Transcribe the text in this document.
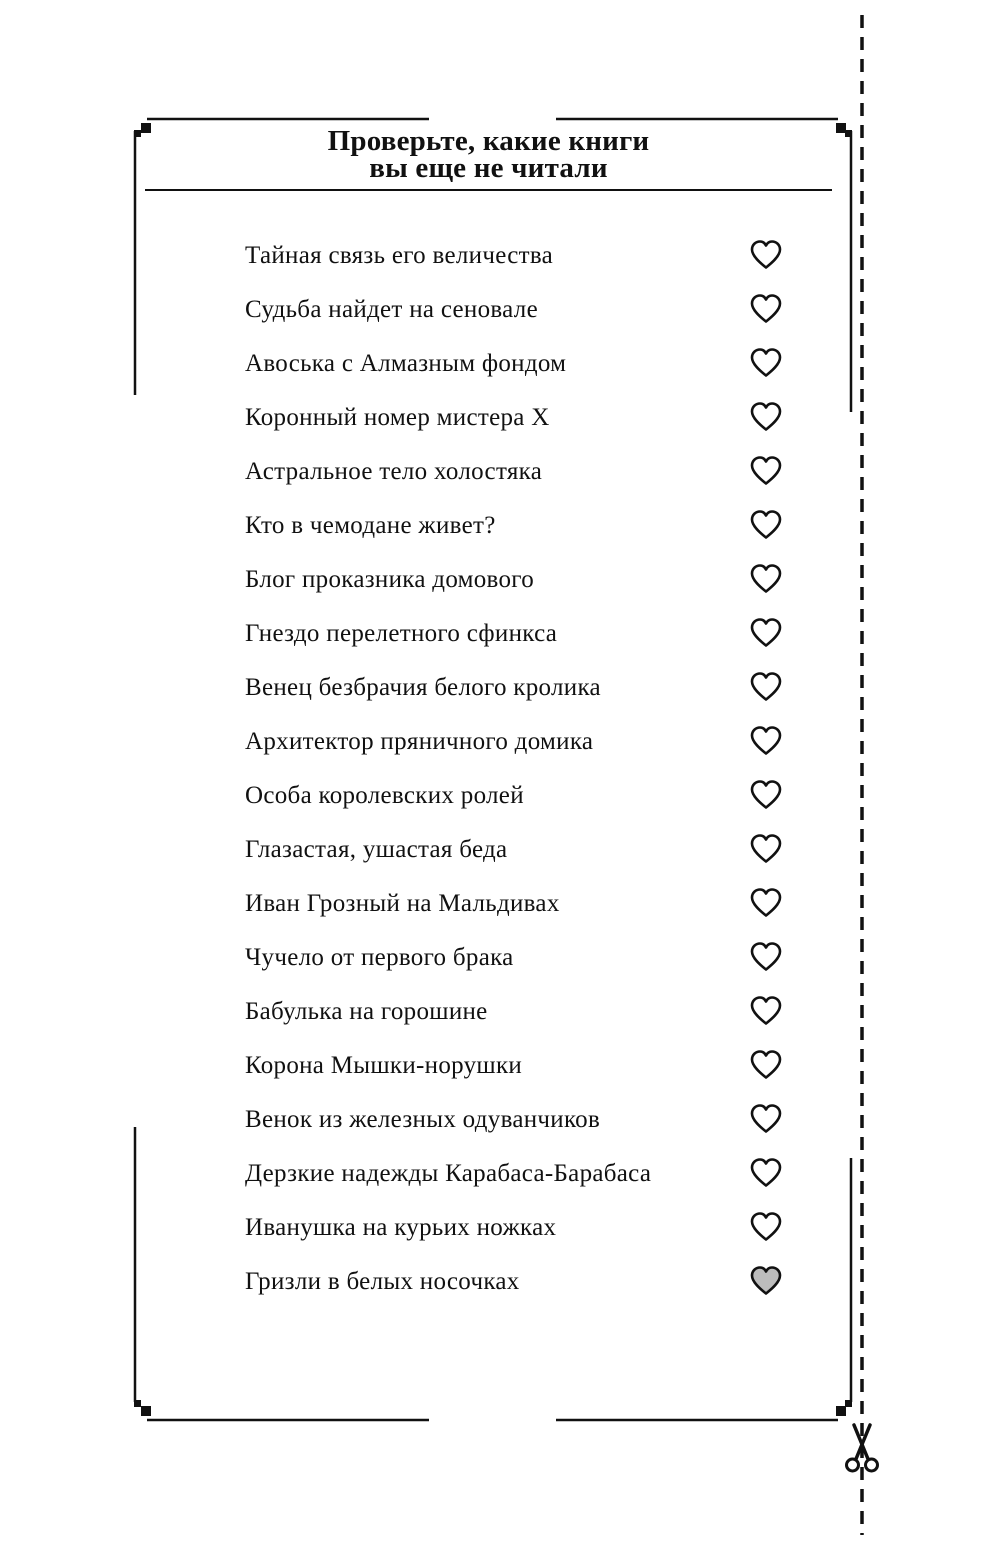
Проверьте, какие книги
вы еще не читали
Тайная связь его величества
Судьба найдет на сеновале
Авоська с Алмазным фондом
Коронный номер мистера Х
Астральное тело холостяка
Кто в чемодане живет?
Блог проказника домового
Гнездо перелетного сфинкса
Венец безбрачия белого кролика
Архитектор пряничного домика
Особа королевских ролей
Глазастая, ушастая беда
Иван Грозный на Мальдивах
Чучело от первого брака
Бабулька на горошине
Корона Мышки-норушки
Венок из железных одуванчиков
Дерзкие надежды Карабаса-Барабаса
Иванушка на курьих ножках
Гризли в белых носочках
